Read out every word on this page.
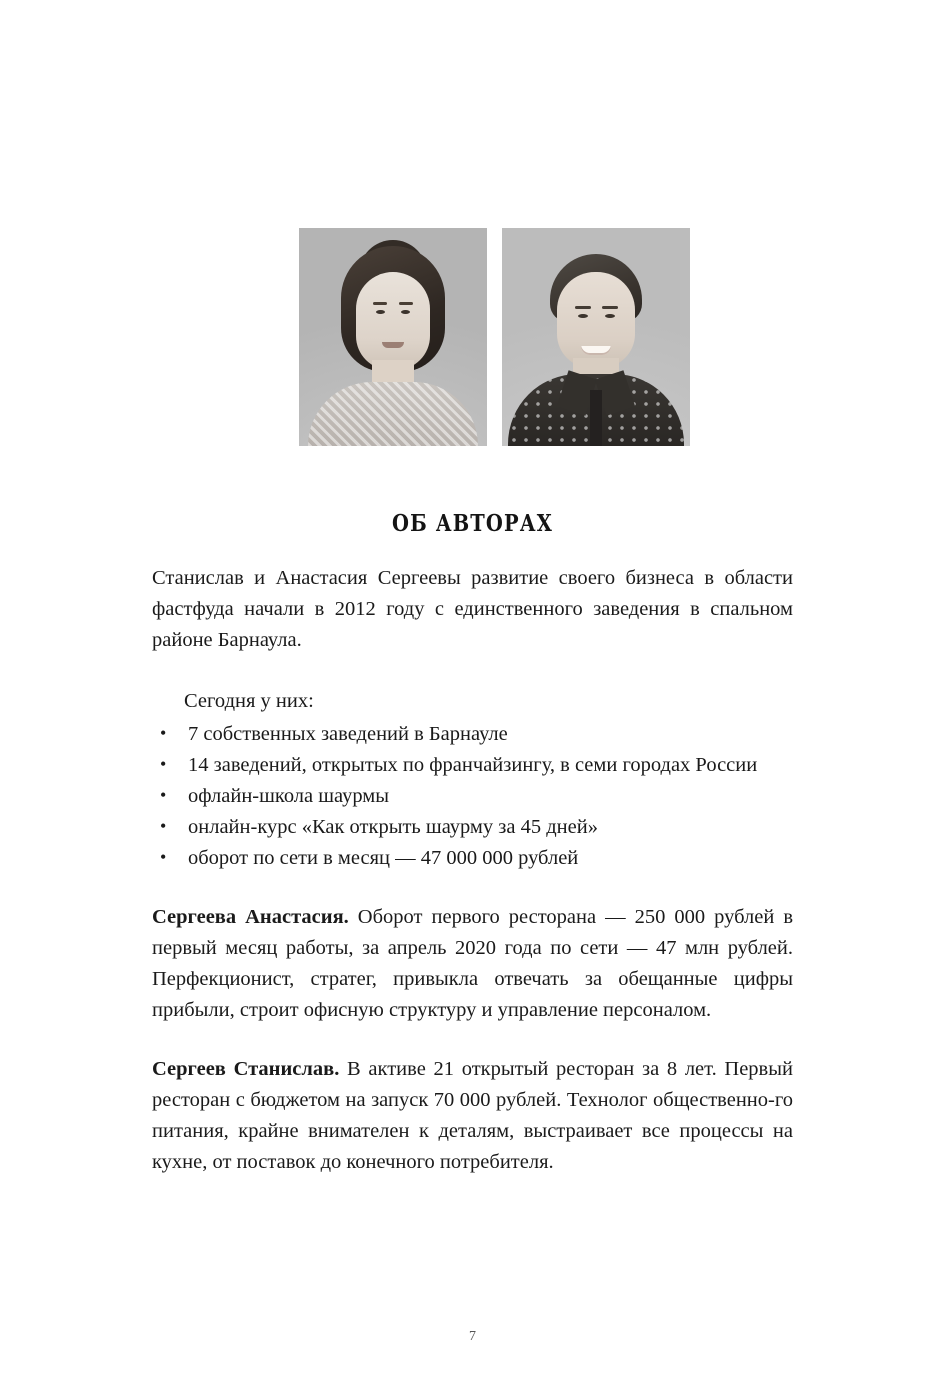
ОБ АВТОРАХ

Станислав и Анастасия Сергеевы развитие своего бизнеса в области фастфуда начали в 2012 году с единственного заведения в спальном районе Барнаула.

Сегодня у них:
• 7 собственных заведений в Барнауле
• 14 заведений, открытых по франчайзингу, в семи городах России
• офлайн-школа шаурмы
• онлайн-курс «Как открыть шаурму за 45 дней»
• оборот по сети в месяц — 47 000 000 рублей

Сергеева Анастасия. Оборот первого ресторана — 250 000 рублей в первый месяц работы, за апрель 2020 года по сети — 47 млн рублей. Перфекционист, стратег, привыкла отвечать за обещанные цифры прибыли, строит офисную структуру и управление персоналом.

Сергеев Станислав. В активе 21 открытый ресторан за 8 лет. Первый ресторан с бюджетом на запуск 70 000 рублей. Технолог общественно-го питания, крайне внимателен к деталям, выстраивает все процессы на кухне, от поставок до конечного потребителя.

7
